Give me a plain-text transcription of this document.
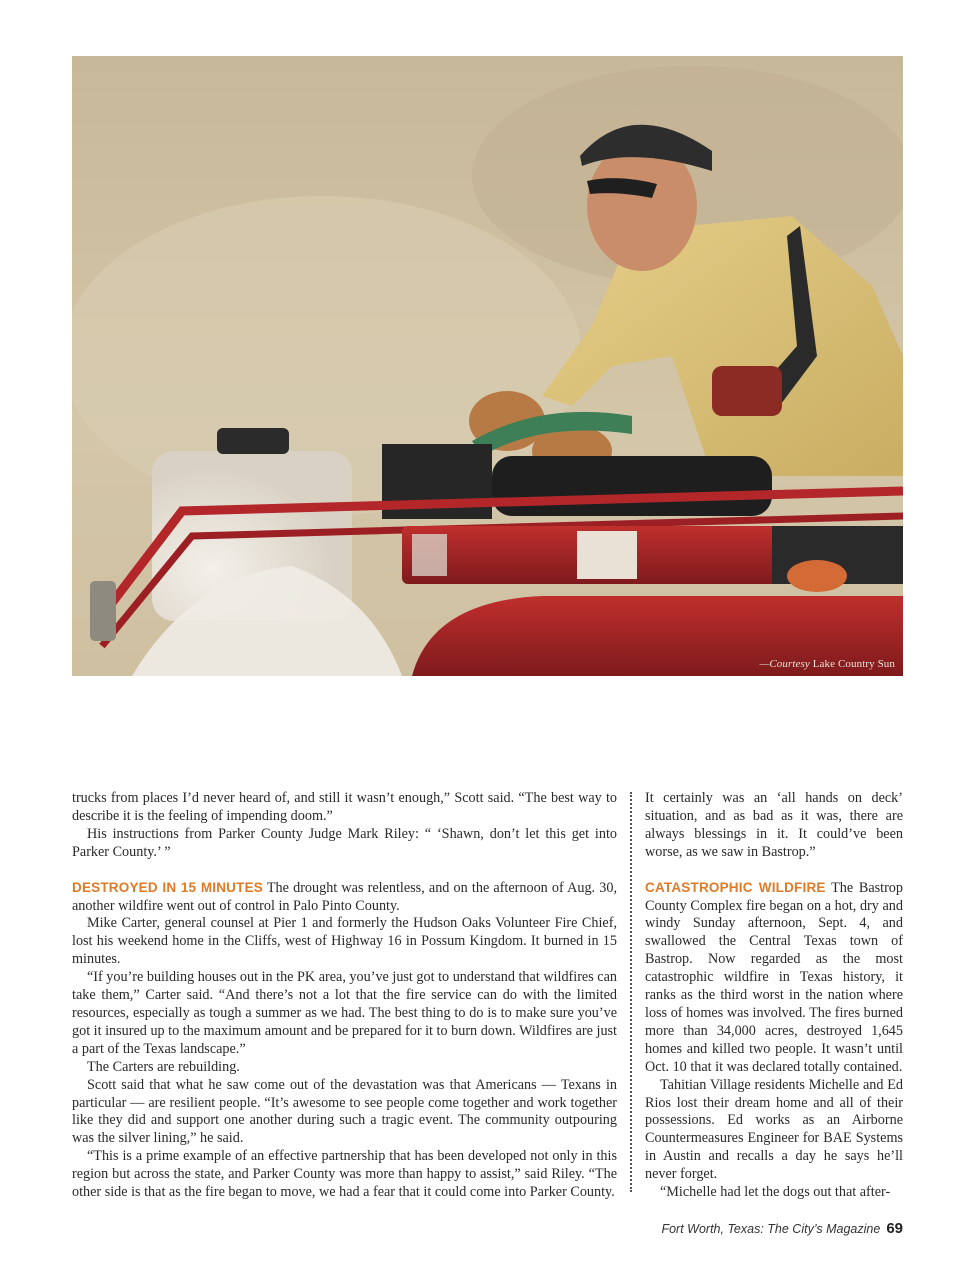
—Courtesy Lake Country Sun

trucks from places I’d never heard of, and still it wasn’t enough,” Scott said. “The best way to describe it is the feeling of impending doom.”

His instructions from Parker County Judge Mark Riley: “ ‘Shawn, don’t let this get into Parker County.’ ”

DESTROYED IN 15 MINUTES The drought was relentless, and on the afternoon of Aug. 30, another wildfire went out of control in Palo Pinto County.

Mike Carter, general counsel at Pier 1 and formerly the Hudson Oaks Volunteer Fire Chief, lost his weekend home in the Cliffs, west of Highway 16 in Possum Kingdom. It burned in 15 minutes.

“If you’re building houses out in the PK area, you’ve just got to understand that wildfires can take them,” Carter said. “And there’s not a lot that the fire service can do with the limited resources, especially as tough a summer as we had. The best thing to do is to make sure you’ve got it insured up to the maximum amount and be prepared for it to burn down. Wildfires are just a part of the Texas landscape.”

The Carters are rebuilding.

Scott said that what he saw come out of the devastation was that Americans — Texans in particular — are resilient people. “It’s awesome to see people come together and work together like they did and support one another during such a tragic event. The community outpouring was the silver lining,” he said.

“This is a prime example of an effective partnership that has been developed not only in this region but across the state, and Parker County was more than happy to assist,” said Riley. “The other side is that as the fire began to move, we had a fear that it could come into Parker County.

It certainly was an ‘all hands on deck’ situation, and as bad as it was, there are always blessings in it. It could’ve been worse, as we saw in Bastrop.”

CATASTROPHIC WILDFIRE The Bastrop County Complex fire began on a hot, dry and windy Sunday afternoon, Sept. 4, and swallowed the Central Texas town of Bastrop. Now regarded as the most catastrophic wildfire in Texas history, it ranks as the third worst in the nation where loss of homes was involved. The fires burned more than 34,000 acres, destroyed 1,645 homes and killed two people. It wasn’t until Oct. 10 that it was declared totally contained.

Tahitian Village residents Michelle and Ed Rios lost their dream home and all of their possessions. Ed works as an Airborne Countermeasures Engineer for BAE Systems in Austin and recalls a day he says he’ll never forget.

“Michelle had let the dogs out that after-

Fort Worth, Texas: The City’s Magazine 69
